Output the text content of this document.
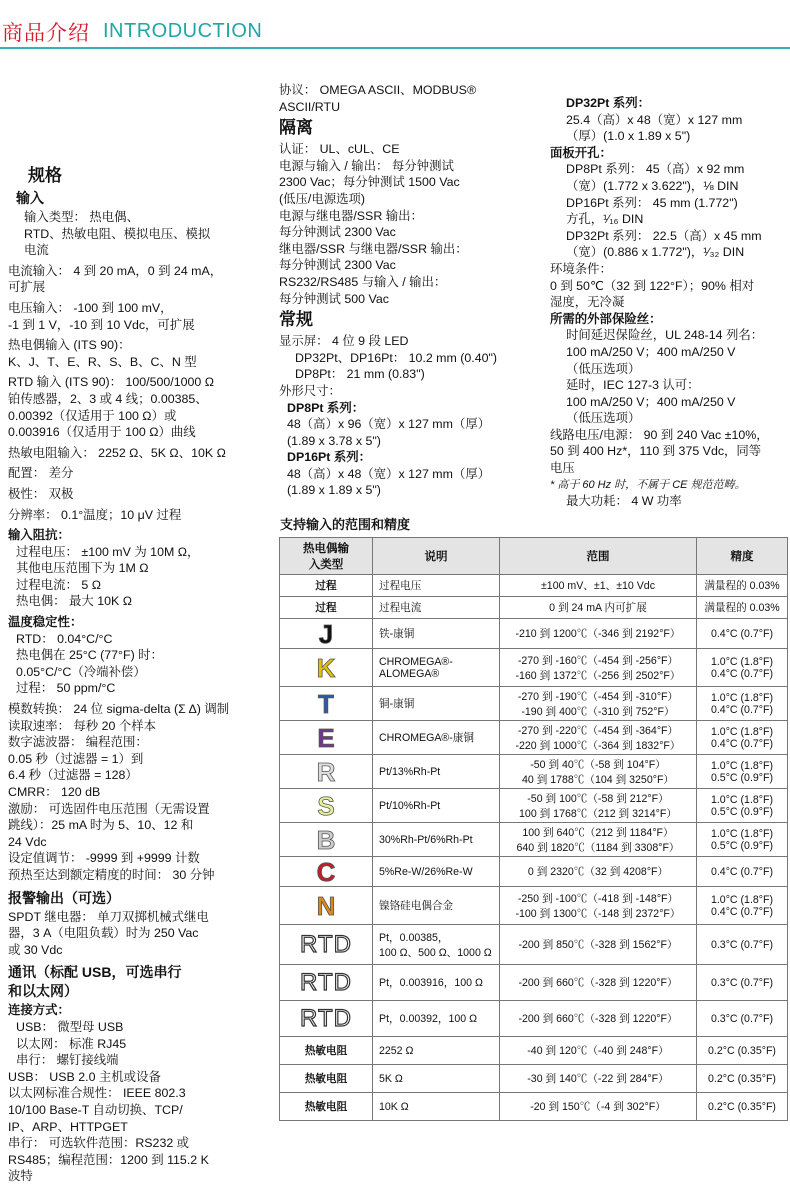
商品介绍 INTRODUCTION
规格
输入

输入类型： 热电偶、
RTD、热敏电阻、模拟电压、模拟
电流

电流输入： 4 到 20 mA，0 到 24 mA，
可扩展

电压输入： -100 到 100 mV，
-1 到 1 V，-10 到 10 Vdc，可扩展

热电偶输入 (ITS 90)：
K、J、T、E、R、S、B、C、N 型

RTD 输入 (ITS 90)： 100/500/1000 Ω
铂传感器，2、3 或 4 线；0.00385、
0.00392（仅适用于 100 Ω）或
0.003916（仅适用于 100 Ω）曲线

热敏电阻输入： 2252 Ω、5K Ω、10K Ω

配置： 差分

极性： 双极

分辨率： 0.1°温度；10 μV 过程

输入阻抗：

过程电压： ±100 mV 为 10M Ω，
其他电压范围下为 1M Ω

过程电流： 5 Ω

热电偶： 最大 10K Ω

温度稳定性：

RTD： 0.04°C/°C

热电偶在 25°C (77°F) 时：
0.05°C/°C（冷端补偿）

过程： 50 ppm/°C

模数转换： 24 位 sigma-delta (Σ Δ) 调制

读取速率： 每秒 20 个样本

数字滤波器： 编程范围：
0.05 秒（过滤器 = 1）到
6.4 秒（过滤器 = 128）

CMRR： 120 dB

激励： 可选固件电压范围（无需设置
跳线）：25 mA 时为 5、10、12 和
24 Vdc

设定值调节： -9999 到 +9999 计数

预热至达到额定精度的时间： 30 分钟

报警输出（可选）

SPDT 继电器： 单刀双掷机械式继电
器，3 A（电阻负载）时为 250 Vac
或 30 Vdc

通讯（标配 USB，可选串行
和以太网）

连接方式：

USB： 微型母 USB

以太网： 标准 RJ45

串行： 螺钉接线端

USB： USB 2.0 主机或设备

以太网标准合规性： IEEE 802.3
10/100 Base-T 自动切换、TCP/
IP、ARP、HTTPGET

串行： 可选软件范围：RS232 或
RS485；编程范围：1200 到 115.2 K
波特

协议： OMEGA ASCII、MODBUS®
ASCII/RTU

隔离

认证： UL、cUL、CE

电源与输入 / 输出： 每分钟测试
2300 Vac；每分钟测试 1500 Vac
(低压/电源选项)

电源与继电器/SSR 输出：
每分钟测试 2300 Vac

继电器/SSR 与继电器/SSR 输出：
每分钟测试 2300 Vac

RS232/RS485 与输入 / 输出：
每分钟测试 500 Vac

常规

显示屏： 4 位 9 段 LED

DP32Pt、DP16Pt： 10.2 mm (0.40")

DP8Pt： 21 mm (0.83")

外形尺寸：

DP8Pt 系列：

48（高）x 96（宽）x 127 mm（厚）
(1.89 x 3.78 x 5")

DP16Pt 系列：

48（高）x 48（宽）x 127 mm（厚）
(1.89 x 1.89 x 5")

DP32Pt 系列：

25.4（高）x 48（宽）x 127 mm
（厚）(1.0 x 1.89 x 5")

面板开孔：

DP8Pt 系列： 45（高）x 92 mm
（宽）(1.772 x 3.622")，⅛ DIN

DP16Pt 系列： 45 mm (1.772")
方孔，¹⁄₁₆ DIN

DP32Pt 系列： 22.5（高）x 45 mm
（宽）(0.886 x 1.772")，¹⁄₃₂ DIN

环境条件：
0 到 50℃（32 到 122°F）；90% 相对
湿度，无冷凝

所需的外部保险丝：

时间延迟保险丝，UL 248-14 列名：
100 mA/250 V；400 mA/250 V
（低压选项）

延时，IEC 127-3 认可：
100 mA/250 V；400 mA/250 V
（低压选项）

线路电压/电源： 90 到 240 Vac ±10%，
50 到 400 Hz*，110 到 375 Vdc，同等
电压

* 高于 60 Hz 时，不属于 CE 规范范畴。

最大功耗： 4 W 功率

支持输入的范围和精度
热电偶输
入类型	说明	范围	精度
过程	过程电压	±100 mV、±1、±10 Vdc	满量程的 0.03%
过程	过程电流	0 到 24 mA 内可扩展	满量程的 0.03%
J	铁-康铜	-210 到 1200℃（-346 到 2192°F）	0.4°C (0.7°F)
K	CHROMEGA®-
ALOMEGA®	-270 到 -160℃（-454 到 -256°F）
-160 到 1372℃（-256 到 2502°F）	1.0°C (1.8°F)
0.4°C (0.7°F)
T	铜-康铜	-270 到 -190℃（-454 到 -310°F）
-190 到 400℃（-310 到 752°F）	1.0°C (1.8°F)
0.4°C (0.7°F)
E	CHROMEGA®-康铜	-270 到 -220℃（-454 到 -364°F）
-220 到 1000℃（-364 到 1832°F）	1.0°C (1.8°F)
0.4°C (0.7°F)
R	Pt/13%Rh-Pt	-50 到 40℃（-58 到 104°F）
40 到 1788℃（104 到 3250°F）	1.0°C (1.8°F)
0.5°C (0.9°F)
S	Pt/10%Rh-Pt	-50 到 100℃（-58 到 212°F）
100 到 1768℃（212 到 3214°F）	1.0°C (1.8°F)
0.5°C (0.9°F)
B	30%Rh-Pt/6%Rh-Pt	100 到 640℃（212 到 1184°F）
640 到 1820℃（1184 到 3308°F）	1.0°C (1.8°F)
0.5°C (0.9°F)
C	5%Re-W/26%Re-W	0 到 2320℃（32 到 4208°F）	0.4°C (0.7°F)
N	镍铬硅电偶合金	-250 到 -100℃（-418 到 -148°F）
-100 到 1300℃（-148 到 2372°F）	1.0°C (1.8°F)
0.4°C (0.7°F)
RTD	Pt，0.00385，
100 Ω、500 Ω、1000 Ω	-200 到 850℃（-328 到 1562°F）	0.3°C (0.7°F)
RTD	Pt，0.003916，100 Ω	-200 到 660℃（-328 到 1220°F）	0.3°C (0.7°F)
RTD	Pt，0.00392，100 Ω	-200 到 660℃（-328 到 1220°F）	0.3°C (0.7°F)
热敏电阻	2252 Ω	-40 到 120℃（-40 到 248°F）	0.2°C (0.35°F)
热敏电阻	5K Ω	-30 到 140℃（-22 到 284°F）	0.2°C (0.35°F)
热敏电阻	10K Ω	-20 到 150℃（-4 到 302°F）	0.2°C (0.35°F)
